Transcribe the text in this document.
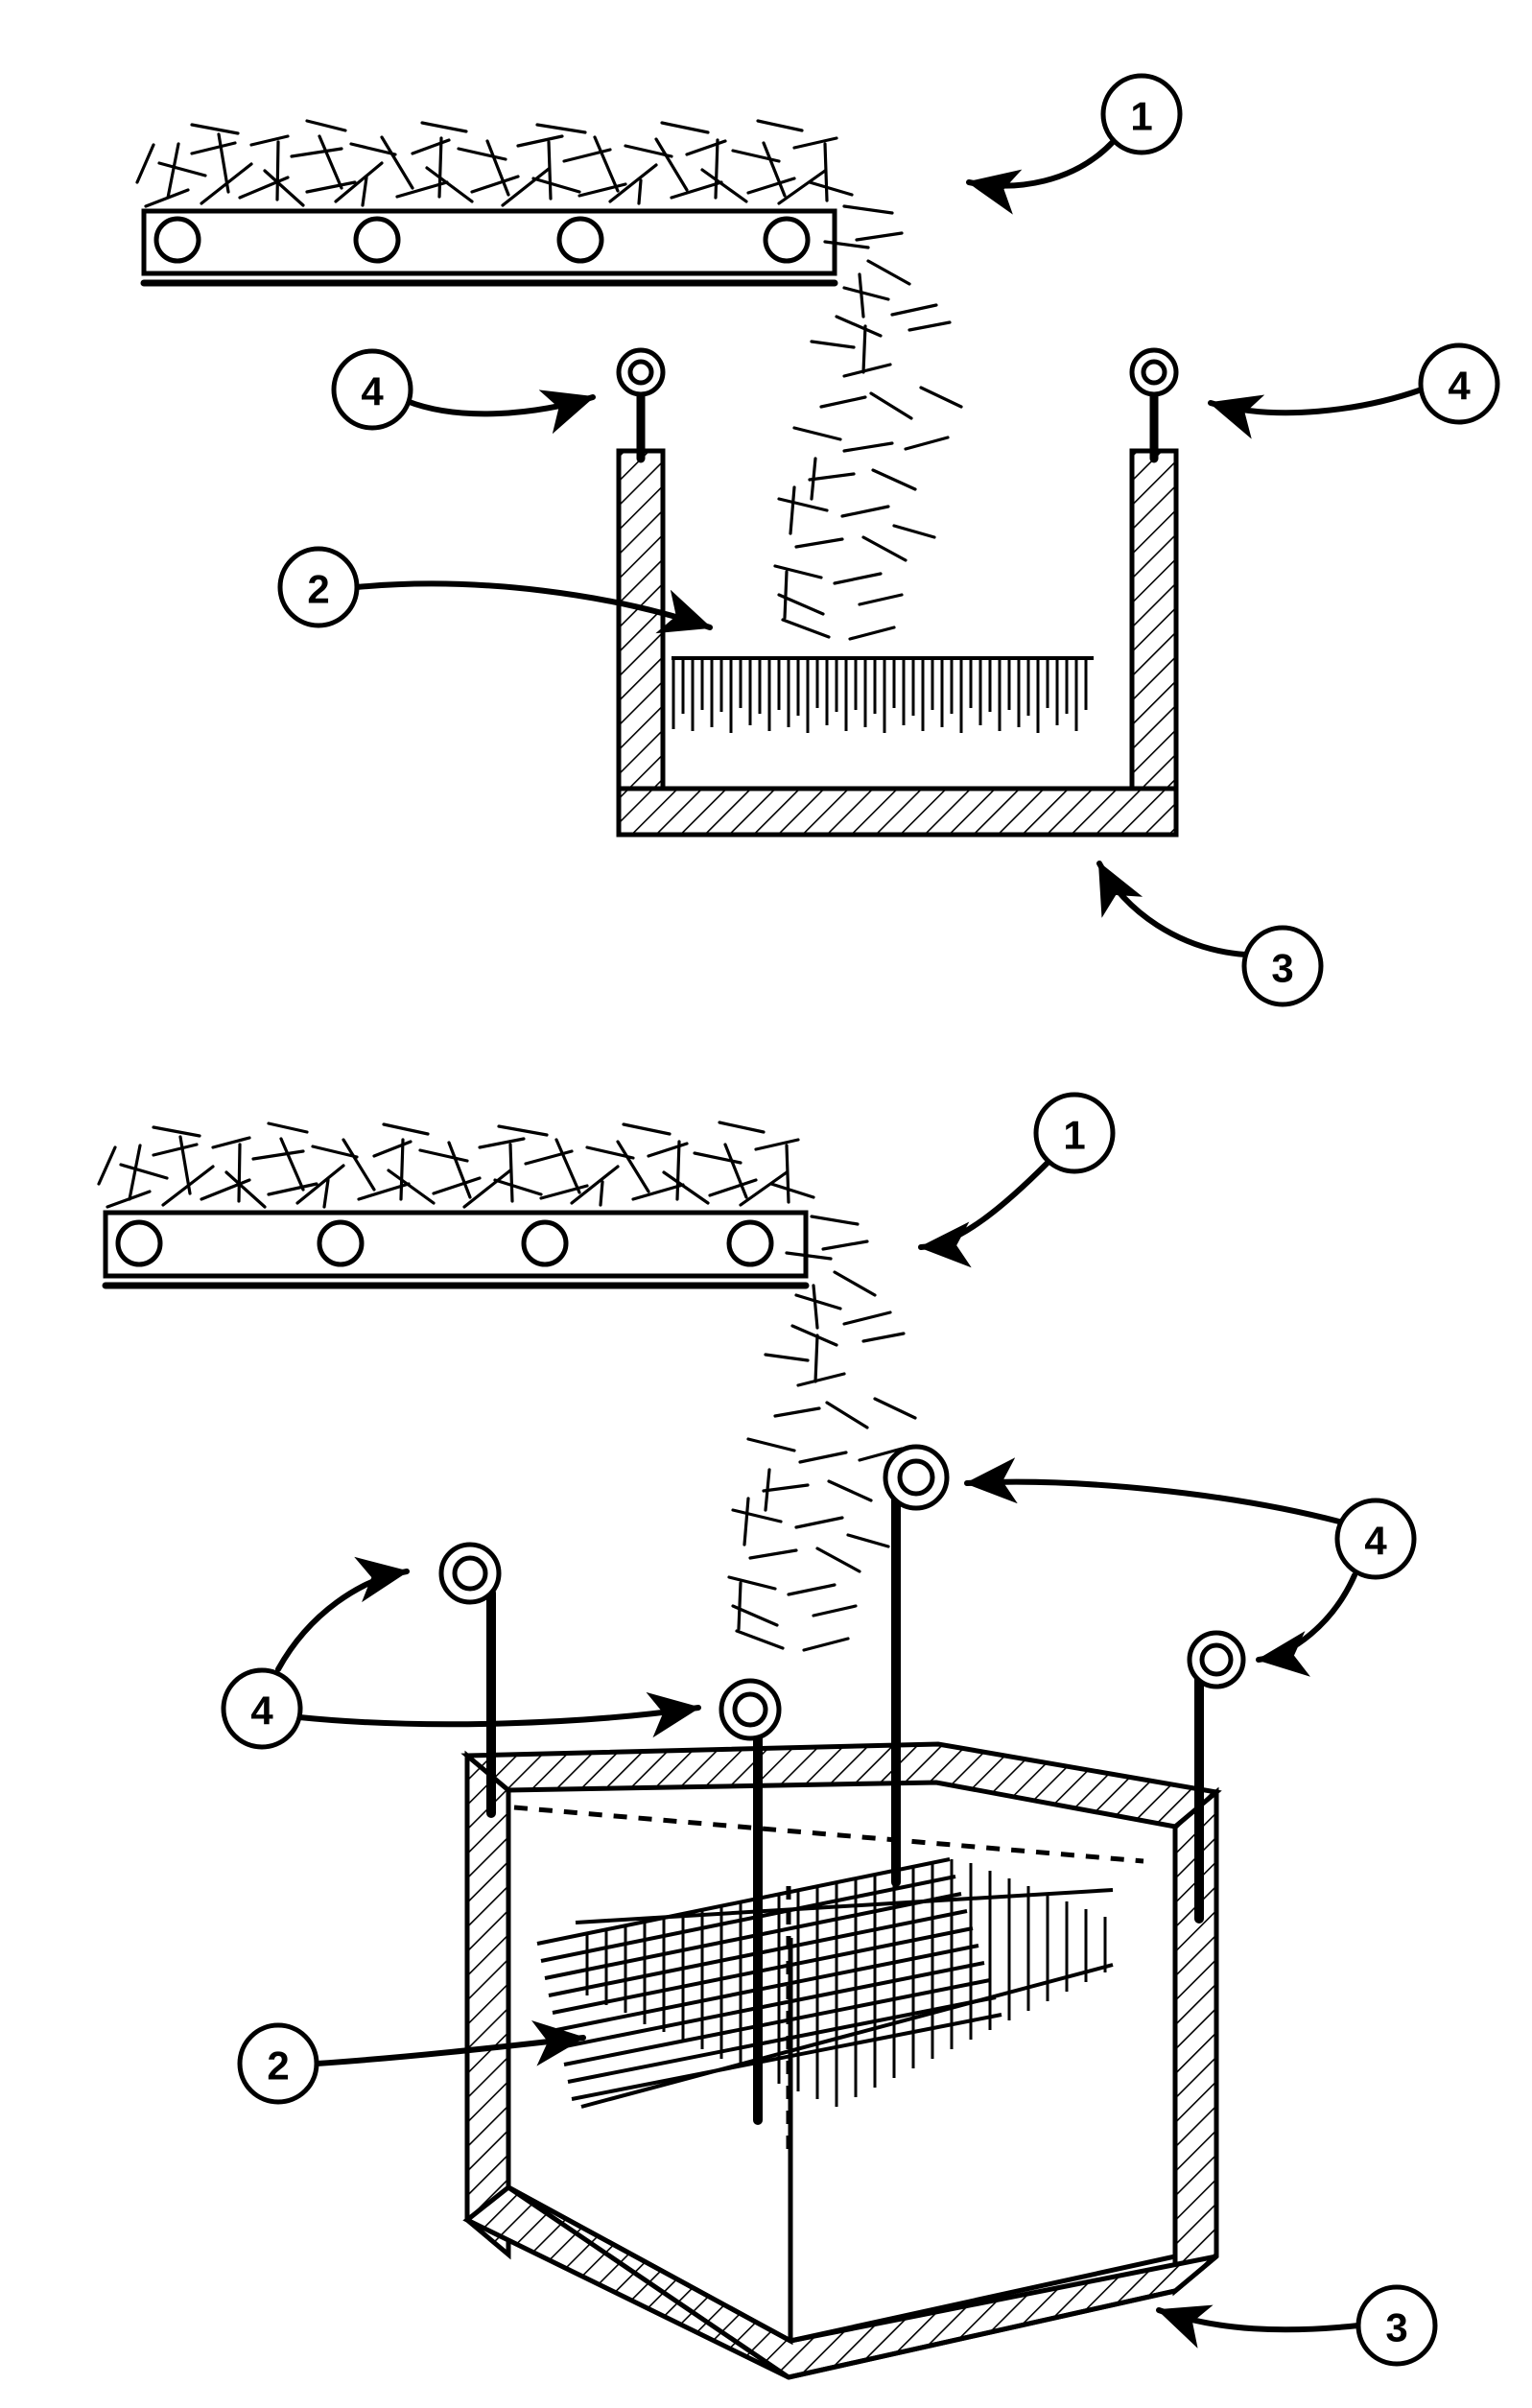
1
4	4
2
3
1
4
4
2
3
